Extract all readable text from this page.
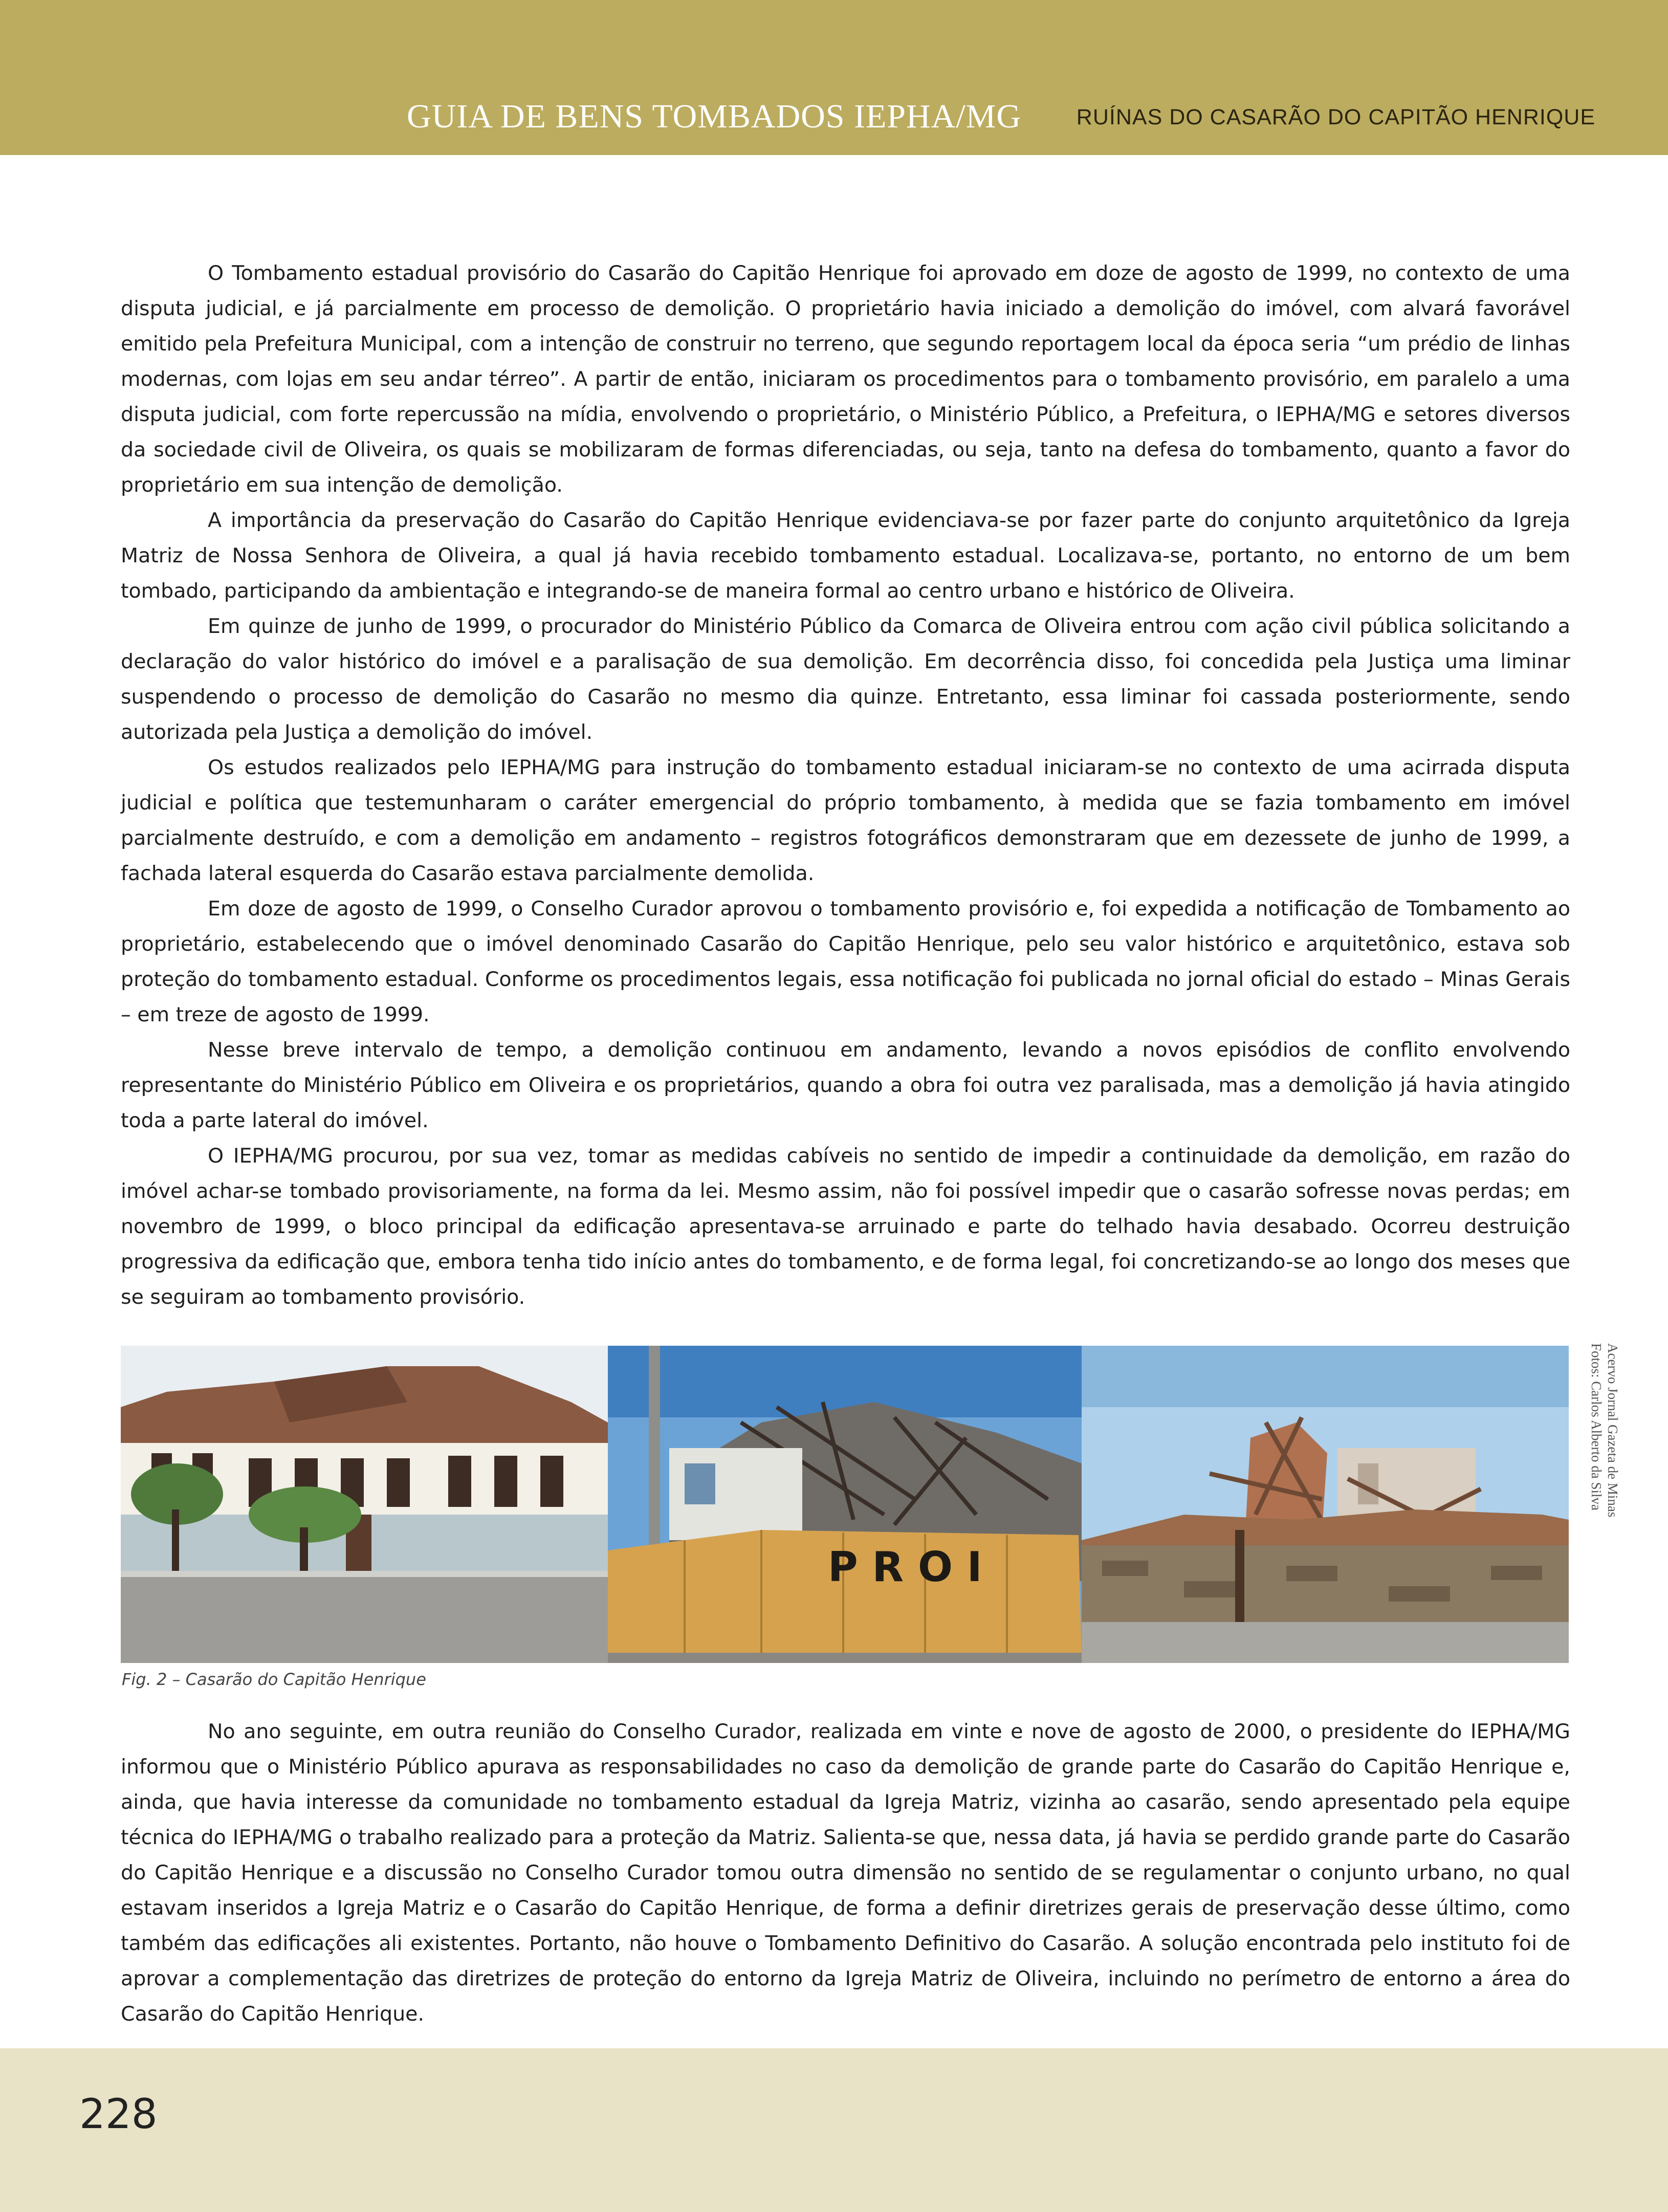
GUIA DE BENS TOMBADOS IEPHA/MG	RUÍNAS DO CASARÃO DO CAPITÃO HENRIQUE

O Tombamento estadual provisório do Casarão do Capitão Henrique foi aprovado em doze de agosto de 1999, no contexto de uma disputa judicial, e já parcialmente em processo de demolição. O proprietário havia iniciado a demolição do imóvel, com alvará favorável emitido pela Prefeitura Municipal, com a intenção de construir no terreno, que segundo reportagem local da época seria “um prédio de linhas modernas, com lojas em seu andar térreo”. A partir de então, iniciaram os procedimentos para o tombamento provisório, em paralelo a uma disputa judicial, com forte repercussão na mídia, envolvendo o proprietário, o Ministério Público, a Prefeitura, o IEPHA/MG e setores diversos da sociedade civil de Oliveira, os quais se mobilizaram de formas diferenciadas, ou seja, tanto na defesa do tombamento, quanto a favor do proprietário em sua intenção de demolição.

A importância da preservação do Casarão do Capitão Henrique evidenciava-se por fazer parte do conjunto arquitetônico da Igreja Matriz de Nossa Senhora de Oliveira, a qual já havia recebido tombamento estadual. Localizava-se, portanto, no entorno de um bem tombado, participando da ambientação e integrando-se de maneira formal ao centro urbano e histórico de Oliveira.

Em quinze de junho de 1999, o procurador do Ministério Público da Comarca de Oliveira entrou com ação civil pública solicitando a declaração do valor histórico do imóvel e a paralisação de sua demolição. Em decorrência disso, foi concedida pela Justiça uma liminar suspendendo o processo de demolição do Casarão no mesmo dia quinze. Entretanto, essa liminar foi cassada posteriormente, sendo autorizada pela Justiça a demolição do imóvel.

Os estudos realizados pelo IEPHA/MG para instrução do tombamento estadual iniciaram-se no contexto de uma acirrada disputa judicial e política que testemunharam o caráter emergencial do próprio tombamento, à medida que se fazia tombamento em imóvel parcialmente destruído, e com a demolição em andamento – registros fotográficos demonstraram que em dezessete de junho de 1999, a fachada lateral esquerda do Casarão estava parcialmente demolida.

Em doze de agosto de 1999, o Conselho Curador aprovou o tombamento provisório e, foi expedida a notificação de Tombamento ao proprietário, estabelecendo que o imóvel denominado Casarão do Capitão Henrique, pelo seu valor histórico e arquitetônico, estava sob proteção do tombamento estadual. Conforme os procedimentos legais, essa notificação foi publicada no jornal oficial do estado – Minas Gerais – em treze de agosto de 1999.

Nesse breve intervalo de tempo, a demolição continuou em andamento, levando a novos episódios de conflito envolvendo representante do Ministério Público em Oliveira e os proprietários, quando a obra foi outra vez paralisada, mas a demolição já havia atingido toda a parte lateral do imóvel.

O IEPHA/MG procurou, por sua vez, tomar as medidas cabíveis no sentido de impedir a continuidade da demolição, em razão do imóvel achar-se tombado provisoriamente, na forma da lei. Mesmo assim, não foi possível impedir que o casarão sofresse novas perdas; em novembro de 1999, o bloco principal da edificação apresentava-se arruinado e parte do telhado havia desabado. Ocorreu destruição progressiva da edificação que, embora tenha tido início antes do tombamento, e de forma legal, foi concretizando-se ao longo dos meses que se seguiram ao tombamento provisório.

P R O I
Acervo Jornal Gazeta de Minas
Fotos: Carlos Alberto da Silva
Fig. 2 – Casarão do Capitão Henrique

No ano seguinte, em outra reunião do Conselho Curador, realizada em vinte e nove de agosto de 2000, o presidente do IEPHA/MG informou que o Ministério Público apurava as responsabilidades no caso da demolição de grande parte do Casarão do Capitão Henrique e, ainda, que havia interesse da comunidade no tombamento estadual da Igreja Matriz, vizinha ao casarão, sendo apresentado pela equipe técnica do IEPHA/MG o trabalho realizado para a proteção da Matriz. Salienta-se que, nessa data, já havia se perdido grande parte do Casarão do Capitão Henrique e a discussão no Conselho Curador tomou outra dimensão no sentido de se regulamentar o conjunto urbano, no qual estavam inseridos a Igreja Matriz e o Casarão do Capitão Henrique, de forma a definir diretrizes gerais de preservação desse último, como também das edificações ali existentes. Portanto, não houve o Tombamento Definitivo do Casarão. A solução encontrada pelo instituto foi de aprovar a complementação das diretrizes de proteção do entorno da Igreja Matriz de Oliveira, incluindo no perímetro de entorno a área do Casarão do Capitão Henrique.

228
